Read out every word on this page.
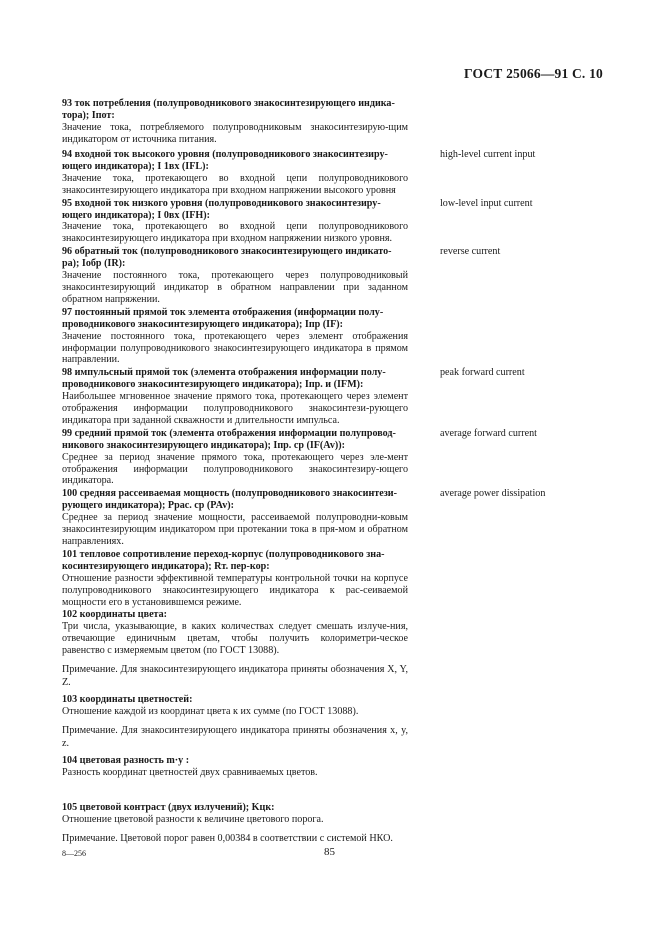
ГОСТ 25066—91 С. 10
93 ток потребления (полупроводникового знакосинтезирующего индика-
тора); Iпот:
Значение тока, потребляемого полупроводниковым знакосинтезирую-щим индикатором от источника питания.
94 входной ток высокого уровня (полупроводникового знакосинтезиру-
ющего индикатора); I 1вх (IFL):
Значение тока, протекающего во входной цепи полупроводникового знакосинтезирующего индикатора при входном напряжении высокого уровня
high-level current input
95 входной ток низкого уровня (полупроводникового знакосинтезиру-
ющего индикатора); I 0вх (IFH):
Значение тока, протекающего во входной цепи полупроводникового знакосинтезирующего индикатора при входном напряжении низкого уровня.
low-level input current
96 обратный ток (полупроводникового знакосинтезирующего индикато-
ра); Iобр (IR):
Значение постоянного тока, протекающего через полупроводниковый знакосинтезирующий индикатор в обратном направлении при заданном обратном напряжении.
reverse current
97 постоянный прямой ток элемента отображения (информации полу-
проводникового знакосинтезирующего индикатора); Iпр (IF):
Значение постоянного тока, протекающего через элемент отображения информации полупроводникового знакосинтезирующего индикатора в прямом направлении.
98 импульсный прямой ток (элемента отображения информации полу-
проводникового знакосинтезирующего индикатора); Iпр. и (IFM):
Наибольшее мгновенное значение прямого тока, протекающего через элемент отображения информации полупроводникового знакосинтези-рующего индикатора при заданной скважности и длительности импульса.
peak forward current
99 средний прямой ток (элемента отображения информации полупровод-
никового знакосинтезирующего индикатора); Iпр. ср (IF(Av)):
Среднее за период значение прямого тока, протекающего через эле-мент отображения информации полупроводникового знакосинтезиру-ющего индикатора.
average forward current
100 средняя рассеиваемая мощность (полупроводникового знакосинтези-
рующего индикатора); Pрас. ср (PAv):
Среднее за период значение мощности, рассеиваемой полупроводни-ковым знакосинтезирующим индикатором при протекании тока в пря-мом и обратном направлениях.
average power dissipation
101 тепловое сопротивление переход-корпус (полупроводникового зна-
косинтезирующего индикатора); Rт. пер-кор:
Отношение разности эффективной температуры контрольной точки на корпусе полупроводникового знакосинтезирующего индикатора к рас-сеиваемой мощности его в установившемся режиме.
102 координаты цвета:
Три числа, указывающие, в каких количествах следует смешать излуче-ния, отвечающие единичным цветам, чтобы получить колориметри-ческое равенство с измеряемым цветом (по ГОСТ 13088).
Примечание. Для знакосинтезирующего индикатора приняты обозначения X, Y, Z.
103 координаты цветностей:
Отношение каждой из координат цвета к их сумме (по ГОСТ 13088).
Примечание. Для знакосинтезирующего индикатора приняты обозначения x, y, z.
104 цветовая разность m·y :
Разность координат цветностей двух сравниваемых цветов.
105 цветовой контраст (двух излучений); Kцк:
Отношение цветовой разности к величине цветового порога.
Примечание. Цветовой порог равен 0,00384 в соответствии с системой НКО.
8—256	85
